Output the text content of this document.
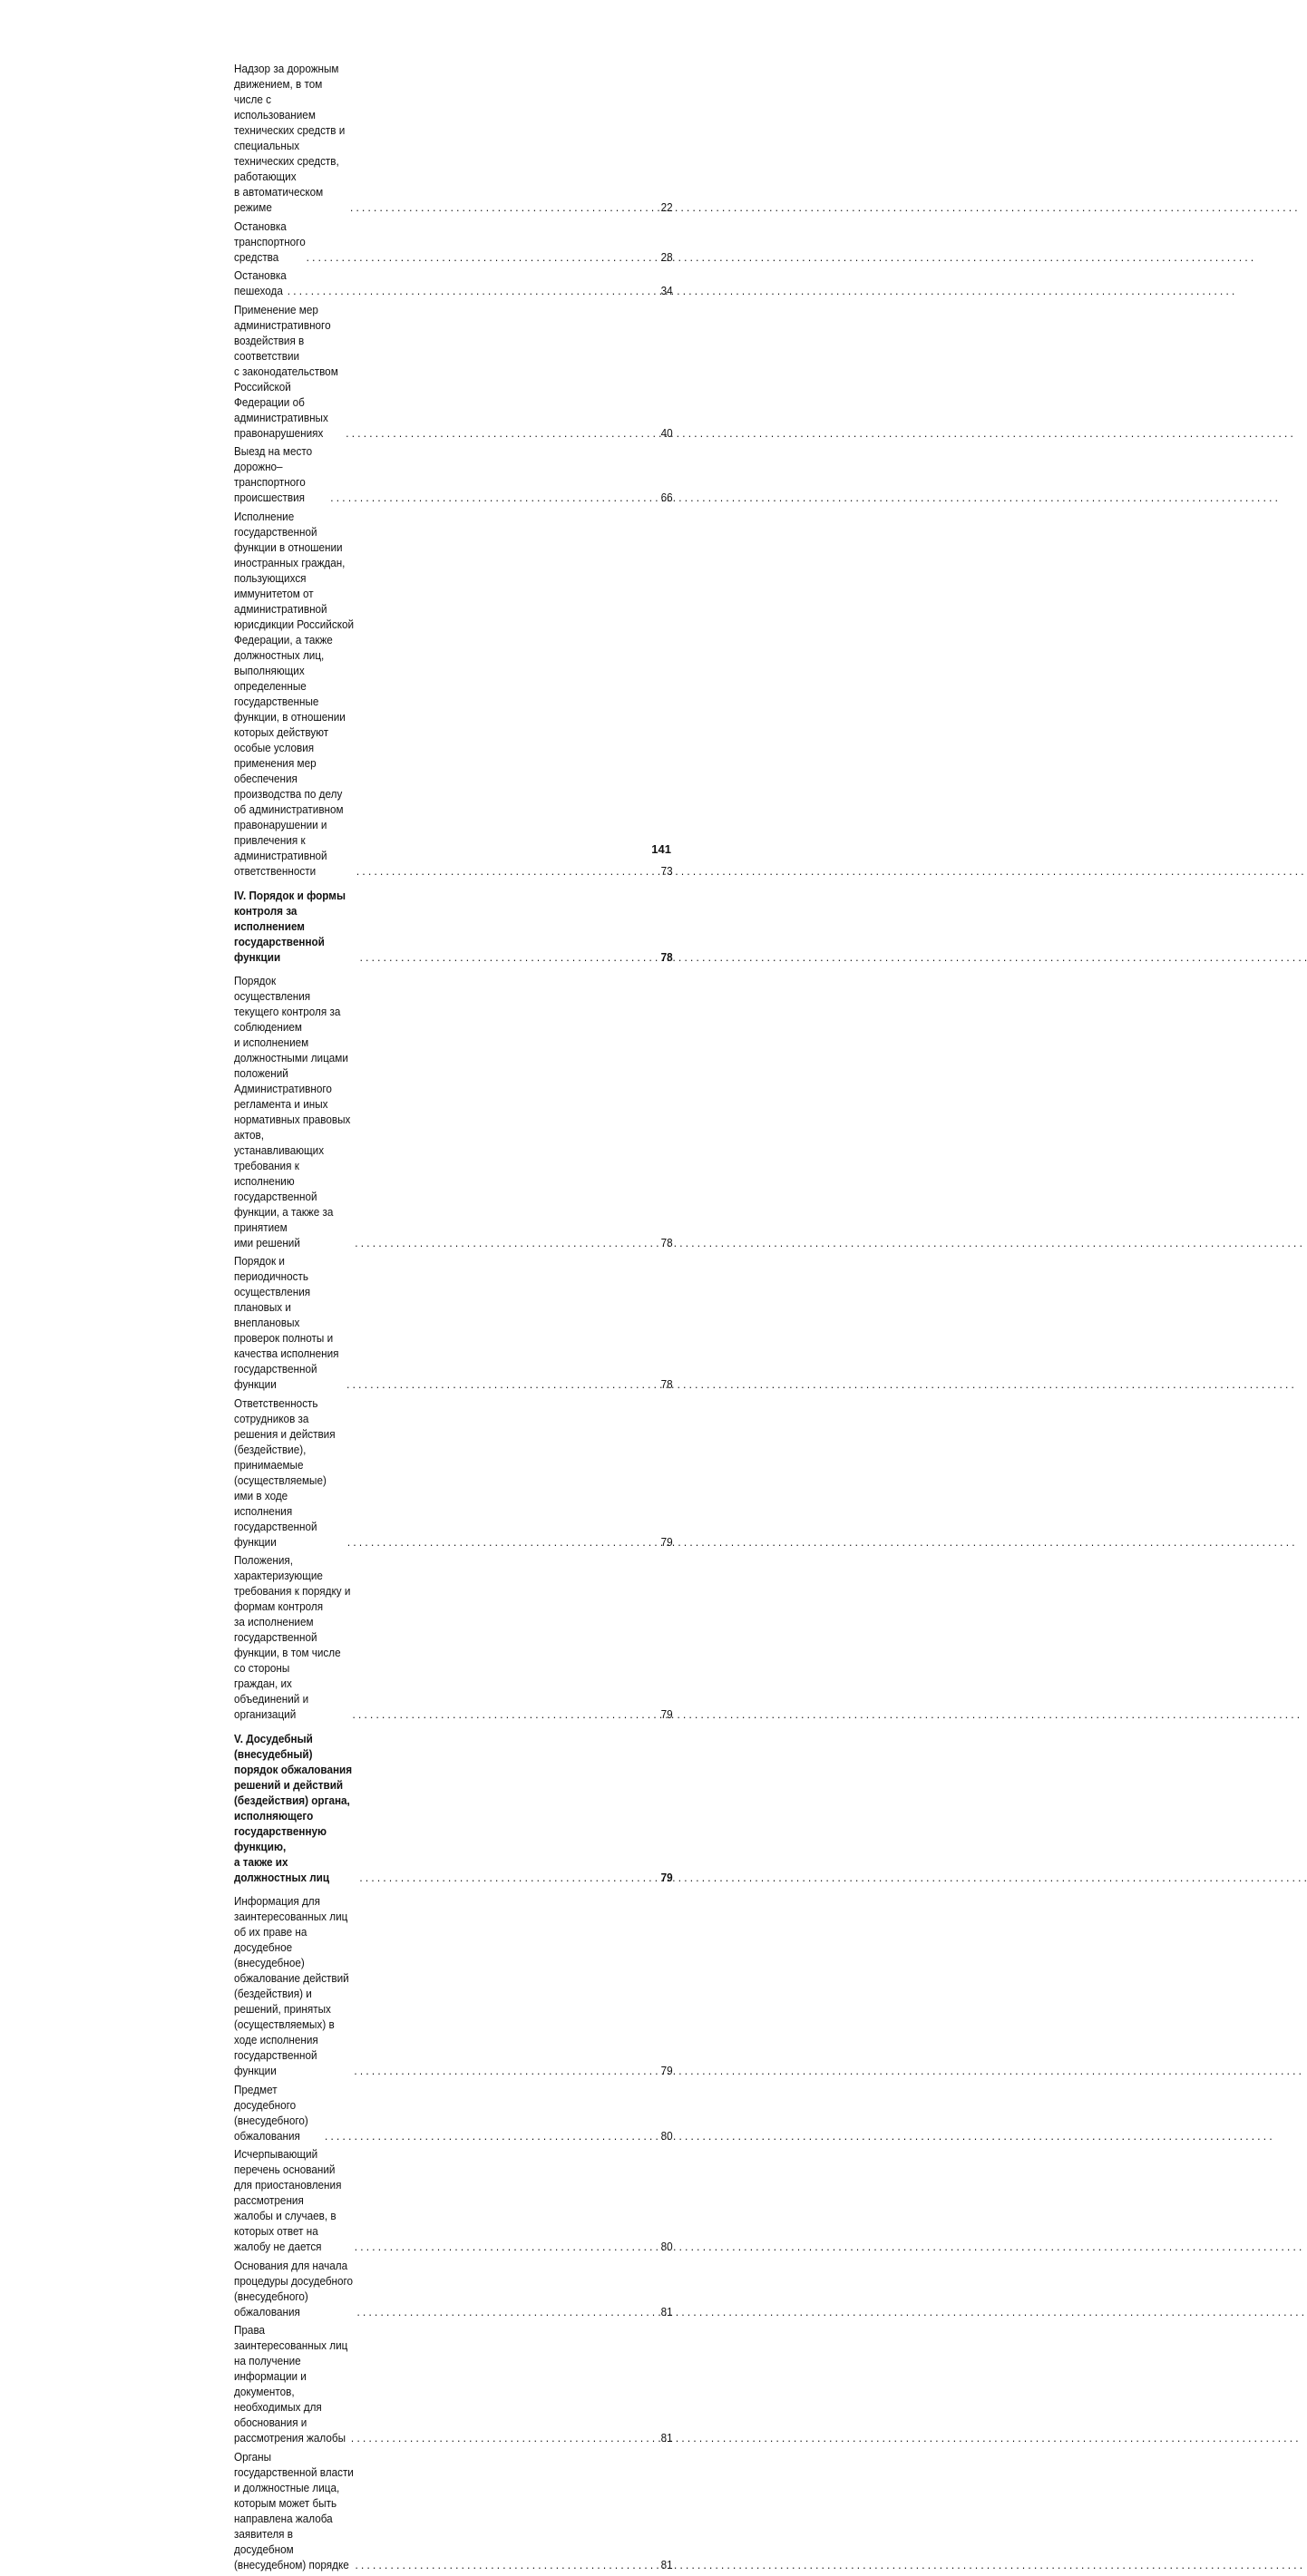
Надзор за дорожным движением, в том числе с использованием
технических средств и специальных технических средств, работающих
в автоматическом режиме . . .	22
Остановка транспортного средства . . .	28
Остановка пешехода . . .	34
Применение мер административного воздействия в соответствии
с законодательством Российской Федерации об административных
правонарушениях . . .	40
Выезд на место дорожно–транспортного происшествия . . .	66
Исполнение государственной функции в отношении иностранных граждан,
пользующихся иммунитетом от административной юрисдикции Российской
Федерации, а также должностных лиц, выполняющих определенные
государственные функции, в отношении которых действуют особые условия
применения мер обеспечения производства по делу об административном
правонарушении и привлечения к административной ответственности . . .	73
IV. Порядок и формы контроля за исполнением государственной функции . . .	78
Порядок осуществления текущего контроля за соблюдением
и исполнением должностными лицами положений Административного
регламента и иных нормативных правовых актов, устанавливающих
требования к исполнению государственной функции, а также за принятием
ими решений . . .	78
Порядок и периодичность осуществления плановых и внеплановых
проверок полноты и качества исполнения государственной функции . . .	78
Ответственность сотрудников за решения и действия (бездействие),
принимаемые (осуществляемые) ими в ходе исполнения
государственной функции . . .	79
Положения, характеризующие требования к порядку и формам контроля
за исполнением государственной функции, в том числе со стороны
граждан, их объединений и организаций . . .	79
V. Досудебный (внесудебный) порядок обжалования решений и действий
(бездействия) органа, исполняющего государственную функцию,
а также их должностных лиц . . .	79
Информация для заинтересованных лиц об их праве на досудебное
(внесудебное) обжалование действий (бездействия) и решений, принятых
(осуществляемых) в ходе исполнения государственной функции . . .	79
Предмет досудебного (внесудебного) обжалования . . .	80
Исчерпывающий перечень оснований для приостановления рассмотрения
жалобы и случаев, в которых ответ на жалобу не дается . . .	80
Основания для начала процедуры досудебного (внесудебного) обжалования . . .	81
Права заинтересованных лиц на получение информации и документов,
необходимых для обоснования и рассмотрения жалобы . . .	81
Органы государственной власти и должностные лица, которым может быть
направлена жалоба заявителя в досудебном (внесудебном) порядке . . .	81
141
